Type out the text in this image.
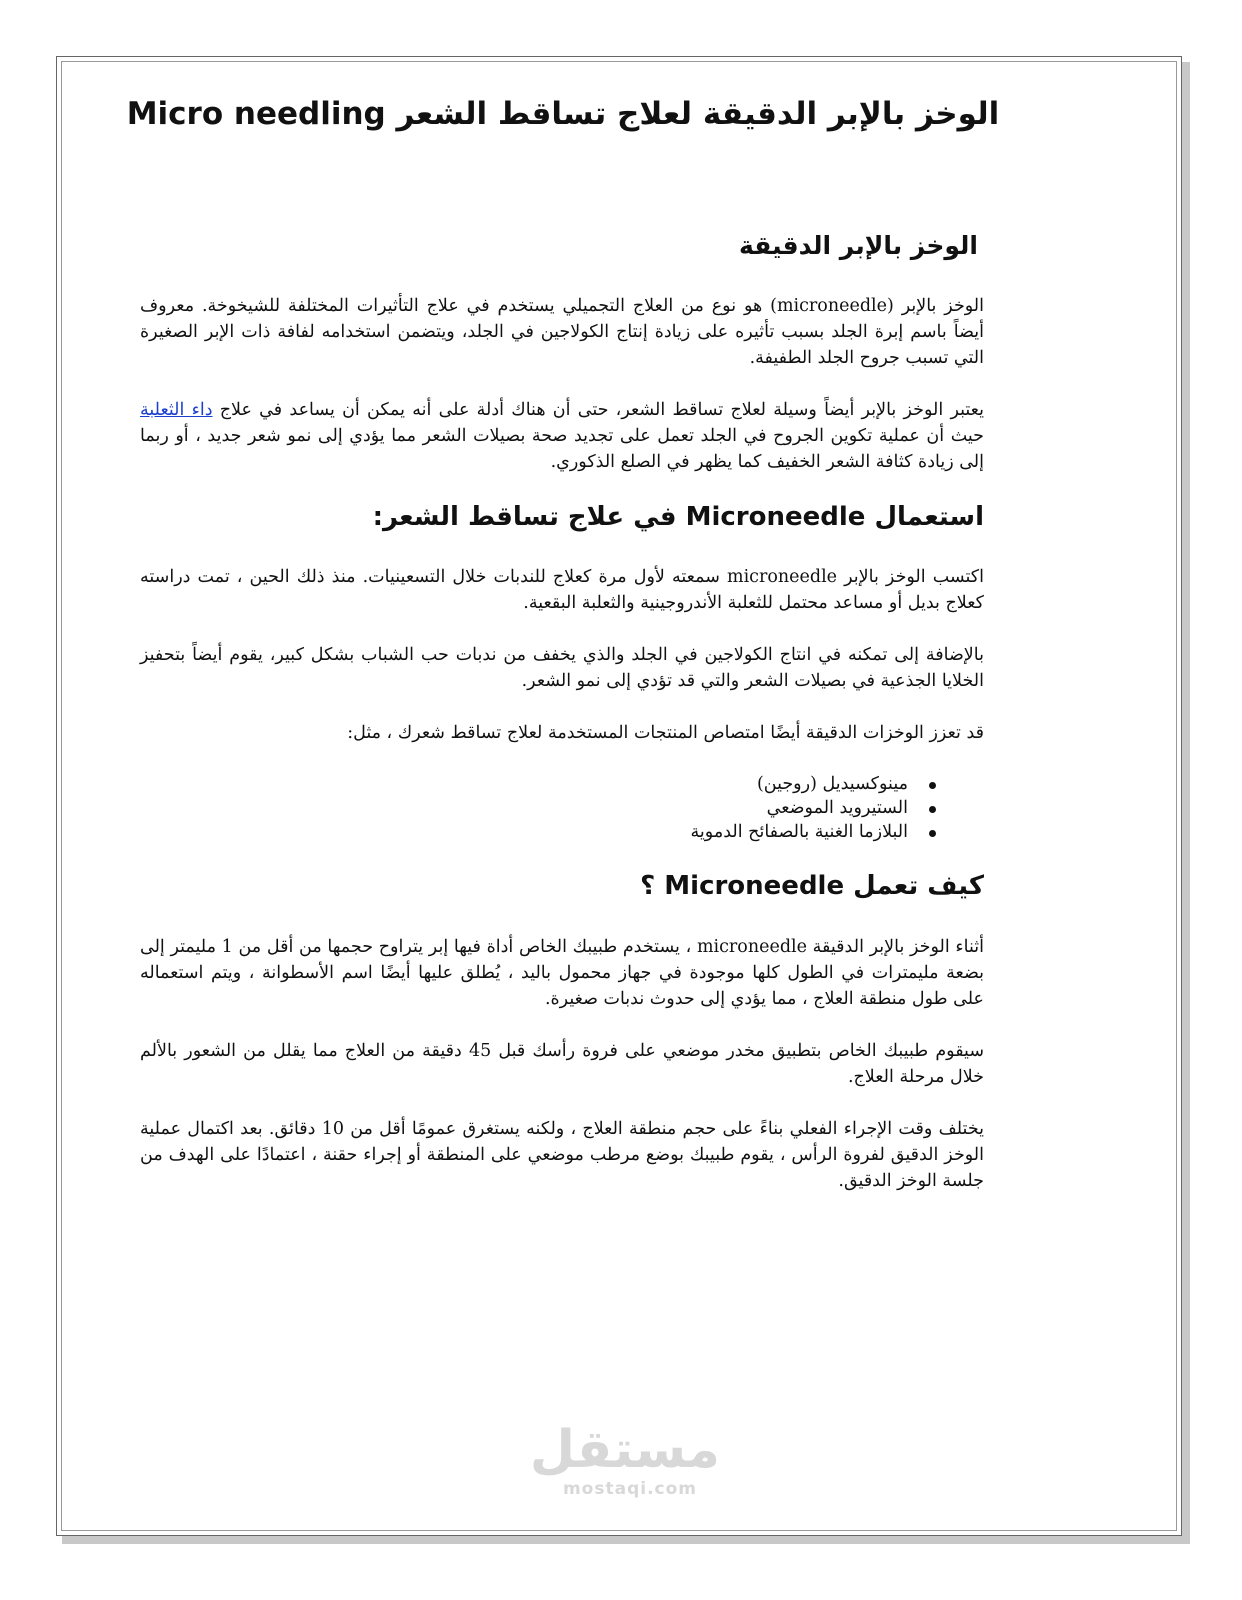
الوخز بالإبر الدقيقة لعلاج تساقط الشعر Micro needling
الوخز بالإبر الدقيقة

الوخز بالإبر (microneedle) هو نوع من العلاج التجميلي يستخدم في علاج التأثيرات المختلفة للشيخوخة. معروف أيضاً باسم إبرة الجلد بسبب تأثيره على زيادة إنتاج الكولاجين في الجلد، ويتضمن استخدامه لفافة ذات الإبر الصغيرة التي تسبب جروح الجلد الطفيفة.

يعتبر الوخز بالإبر أيضاً وسيلة لعلاج تساقط الشعر، حتى أن هناك أدلة على أنه يمكن أن يساعد في علاج داء الثعلبة حيث أن عملية تكوين الجروح في الجلد تعمل على تجديد صحة بصيلات الشعر مما يؤدي إلى نمو شعر جديد ، أو ربما إلى زيادة كثافة الشعر الخفيف كما يظهر في الصلع الذكوري.

استعمال Microneedle في علاج تساقط الشعر:

اكتسب الوخز بالإبر microneedle سمعته لأول مرة كعلاج للندبات خلال التسعينيات. منذ ذلك الحين ، تمت دراسته كعلاج بديل أو مساعد محتمل للثعلبة الأندروجينية والثعلبة البقعية.

بالإضافة إلى تمكنه في انتاج الكولاجين في الجلد والذي يخفف من ندبات حب الشباب بشكل كبير، يقوم أيضاً بتحفيز الخلايا الجذعية في بصيلات الشعر والتي قد تؤدي إلى نمو الشعر.

قد تعزز الوخزات الدقيقة أيضًا امتصاص المنتجات المستخدمة لعلاج تساقط شعرك ، مثل:

مينوكسيديل (روجين)
الستيرويد الموضعي
البلازما الغنية بالصفائح الدموية
كيف تعمل Microneedle ؟

أثناء الوخز بالإبر الدقيقة microneedle ، يستخدم طبيبك الخاص أداة فيها إبر يتراوح حجمها من أقل من 1 مليمتر إلى بضعة مليمترات في الطول كلها موجودة في جهاز محمول باليد ، يُطلق عليها أيضًا اسم الأسطوانة ، ويتم استعماله على طول منطقة العلاج ، مما يؤدي إلى حدوث ندبات صغيرة.

سيقوم طبيبك الخاص بتطبيق مخدر موضعي على فروة رأسك قبل 45 دقيقة من العلاج مما يقلل من الشعور بالألم خلال مرحلة العلاج.

يختلف وقت الإجراء الفعلي بناءً على حجم منطقة العلاج ، ولكنه يستغرق عمومًا أقل من 10 دقائق. بعد اكتمال عملية الوخز الدقيق لفروة الرأس ، يقوم طبيبك بوضع مرطب موضعي على المنطقة أو إجراء حقنة ، اعتمادًا على الهدف من جلسة الوخز الدقيق.

مستقل
mostaqi.com
